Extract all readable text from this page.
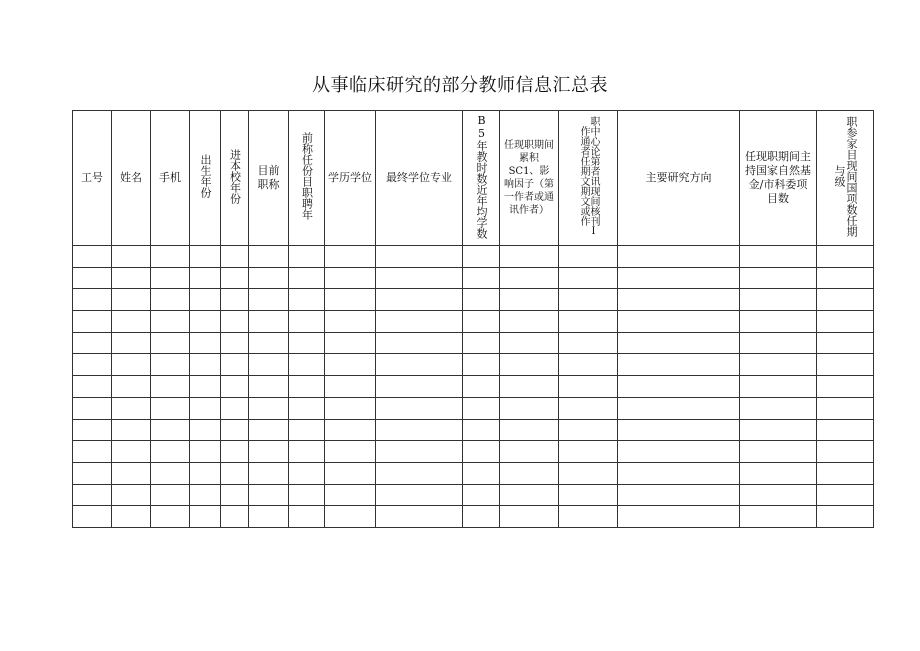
从事临床研究的部分教师信息汇总表
工号	姓名	手机	出生年份	进本校年份	目前职称	前称任份目职聘年	学历学位	最终学位专业	B5年教时数近年均学数	任现职期间累积SC1、影响因子（第一作者或通讯作者）	职中心论第者讯现间核刊Ⅰ作通者任期文期文或作	主要研究方向	任现职期间主持国家自然基金/市科委项目数	职参家目现间国项数任期与级
